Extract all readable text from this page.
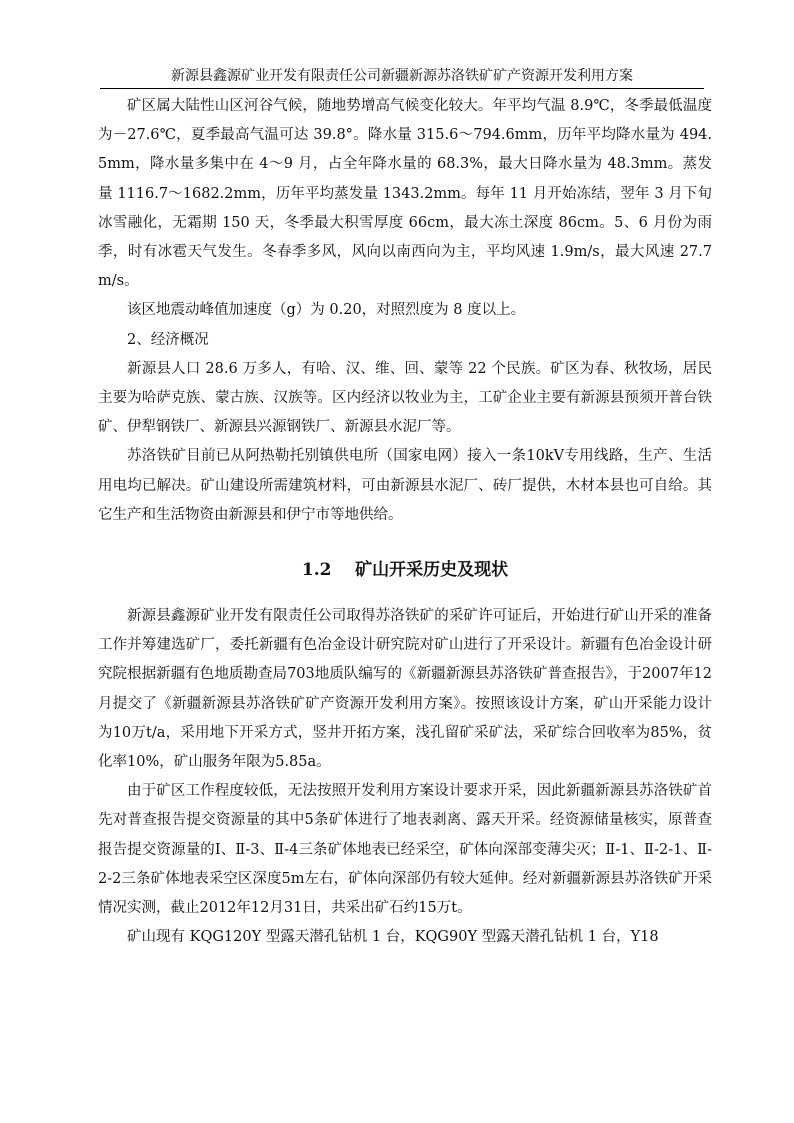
新源县鑫源矿业开发有限责任公司新疆新源苏洛铁矿矿产资源开发利用方案

矿区属大陆性山区河谷气候，随地势增高气候变化较大。年平均气温 8.9℃，冬季最低温度为－27.6℃，夏季最高气温可达 39.8°。降水量 315.6～794.6mm，历年平均降水量为 494.5mm，降水量多集中在 4～9 月，占全年降水量的 68.3%，最大日降水量为 48.3mm。蒸发量 1116.7～1682.2mm，历年平均蒸发量 1343.2mm。每年 11 月开始冻结，翌年 3 月下旬冰雪融化，无霜期 150 天，冬季最大积雪厚度 66cm，最大冻土深度 86cm。5、6 月份为雨季，时有冰雹天气发生。冬春季多风，风向以南西向为主，平均风速 1.9m/s，最大风速 27.7m/s。

该区地震动峰值加速度（g）为 0.20，对照烈度为 8 度以上。

2、经济概况

新源县人口 28.6 万多人，有哈、汉、维、回、蒙等 22 个民族。矿区为春、秋牧场，居民主要为哈萨克族、蒙古族、汉族等。区内经济以牧业为主，工矿企业主要有新源县预须开普台铁矿、伊犁钢铁厂、新源县兴源钢铁厂、新源县水泥厂等。

苏洛铁矿目前已从阿热勒托别镇供电所（国家电网）接入一条10kV专用线路，生产、生活用电均已解决。矿山建设所需建筑材料，可由新源县水泥厂、砖厂提供，木材本县也可自给。其它生产和生活物资由新源县和伊宁市等地供给。

1.2 矿山开采历史及现状

新源县鑫源矿业开发有限责任公司取得苏洛铁矿的采矿许可证后，开始进行矿山开采的准备工作并筹建选矿厂，委托新疆有色冶金设计研究院对矿山进行了开采设计。新疆有色冶金设计研究院根据新疆有色地质勘查局703地质队编写的《新疆新源县苏洛铁矿普查报告》，于2007年12月提交了《新疆新源县苏洛铁矿矿产资源开发利用方案》。按照该设计方案，矿山开采能力设计为10万t/a，采用地下开采方式，竖井开拓方案，浅孔留矿采矿法，采矿综合回收率为85%，贫化率10%，矿山服务年限为5.85a。

由于矿区工作程度较低，无法按照开发利用方案设计要求开采，因此新疆新源县苏洛铁矿首先对普查报告提交资源量的其中5条矿体进行了地表剥离、露天开采。经资源储量核实，原普查报告提交资源量的Ⅰ、Ⅱ-3、Ⅱ-4三条矿体地表已经采空，矿体向深部变薄尖灭；Ⅱ-1、Ⅱ-2-1、Ⅱ-2-2三条矿体地表采空区深度5m左右，矿体向深部仍有较大延伸。经对新疆新源县苏洛铁矿开采情况实测，截止2012年12月31日，共采出矿石约15万t。

矿山现有 KQG120Y 型露天潜孔钻机 1 台，KQG90Y 型露天潜孔钻机 1 台，Y18
